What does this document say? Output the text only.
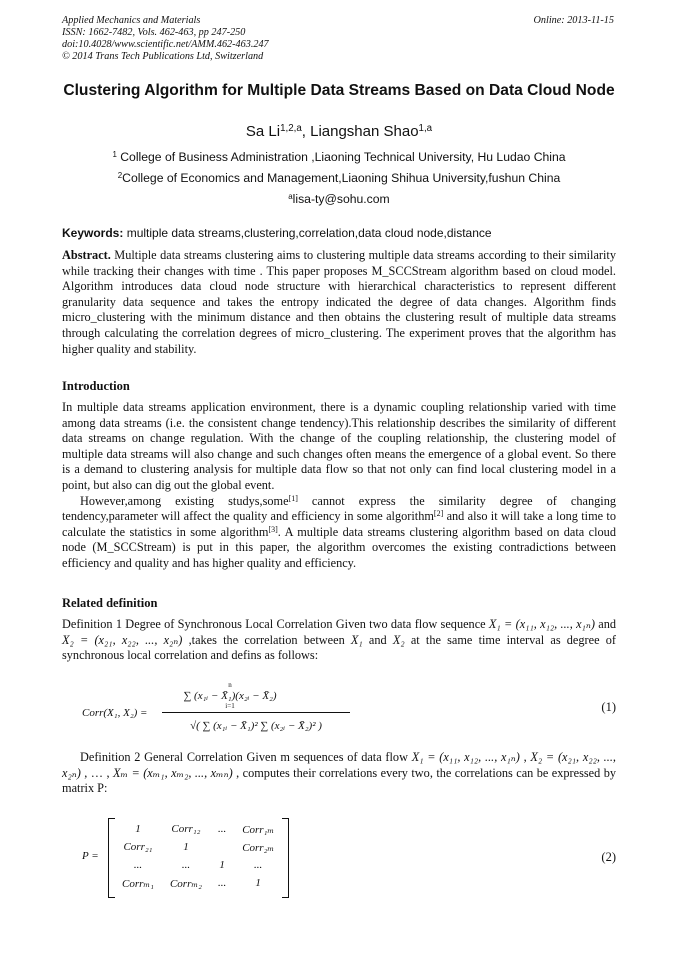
Applied Mechanics and Materials
ISSN: 1662-7482, Vols. 462-463, pp 247-250
doi:10.4028/www.scientific.net/AMM.462-463.247
© 2014 Trans Tech Publications Ltd, Switzerland
Online: 2013-11-15
Clustering Algorithm for Multiple Data Streams Based on Data Cloud Node
Sa Li$^{1,2,a}$, Liangshan Shao$^{1,a}$
$^1$ College of Business Administration ,Liaoning Technical University, Hu Ludao China
$^2$College of Economics and Management,Liaoning Shihua University,fushun China
$^a$lisa-ty@sohu.com
Keywords: multiple data streams,clustering,correlation,data cloud node,distance
Abstract. Multiple data streams clustering aims to clustering multiple data streams according to their similarity while tracking their changes with time . This paper proposes M_SCCStream algorithm based on cloud model. Algorithm introduces data cloud node structure with hierarchical characteristics to represent different granularity data sequence and takes the entropy indicated the degree of data changes. Algorithm finds micro_clustering with the minimum distance and then obtains the clustering result of multiple data streams through calculating the correlation degrees of micro_clustering. The experiment proves that the algorithm has higher quality and stability.
Introduction
In multiple data streams application environment, there is a dynamic coupling relationship varied with time among data streams (i.e. the consistent change tendency).This relationship describes the similarity of different data streams on change regulation. With the change of the coupling relationship, the clustering model of multiple data streams will also change and such changes often means the emergence of a global event. So there is a demand to clustering analysis for multiple data flow so that not only can find local clustering model in a point, but also can dig out the global event.
However,among existing studys,some[1] cannot express the similarity degree of changing tendency,parameter will affect the quality and efficiency in some algorithm[2] and also it will take a long time to calculate the statistics in some algorithm[3]. A multiple data streams clustering algorithm based on data cloud node (M_SCCStream) is put in this paper, the algorithm overcomes the existing contradictions between efficiency and quality and has higher quality and efficiency.
Related definition
Definition 1 Degree of Synchronous Local Correlation Given two data flow sequence X₁ = (x₁₁, x₁₂, ..., x₁ₙ) and X₂ = (x₂₁, x₂₂, ..., x₂ₙ) ,takes the correlation between X₁ and X₂ at the same time interval as degree of synchronous local correlation and defins as follows:
Corr(X₁, X₂) =
n
∑ (x₁ᵢ − X̄₁)(x₂ᵢ − X̄₂)
i=1
√( ∑ (x₁ᵢ − X̄₁)² ∑ (x₂ᵢ − X̄₂)² )
(1)
Definition 2 General Correlation Given m sequences of data flow X₁ = (x₁₁, x₁₂, ..., x₁ₙ) , X₂ = (x₂₁, x₂₂, ..., x₂ₙ) , … , Xₘ = (xₘ₁, xₘ₂, ..., xₘₙ) , computes their correlations every two, the correlations can be expressed by matrix P:
P =
1	Corr₁₂	...	Corr₁ₘ
Corr₂₁	1		Corr₂ₘ
...	...	1	...
Corrₘ₁	Corrₘ₂	...	1
(2)
